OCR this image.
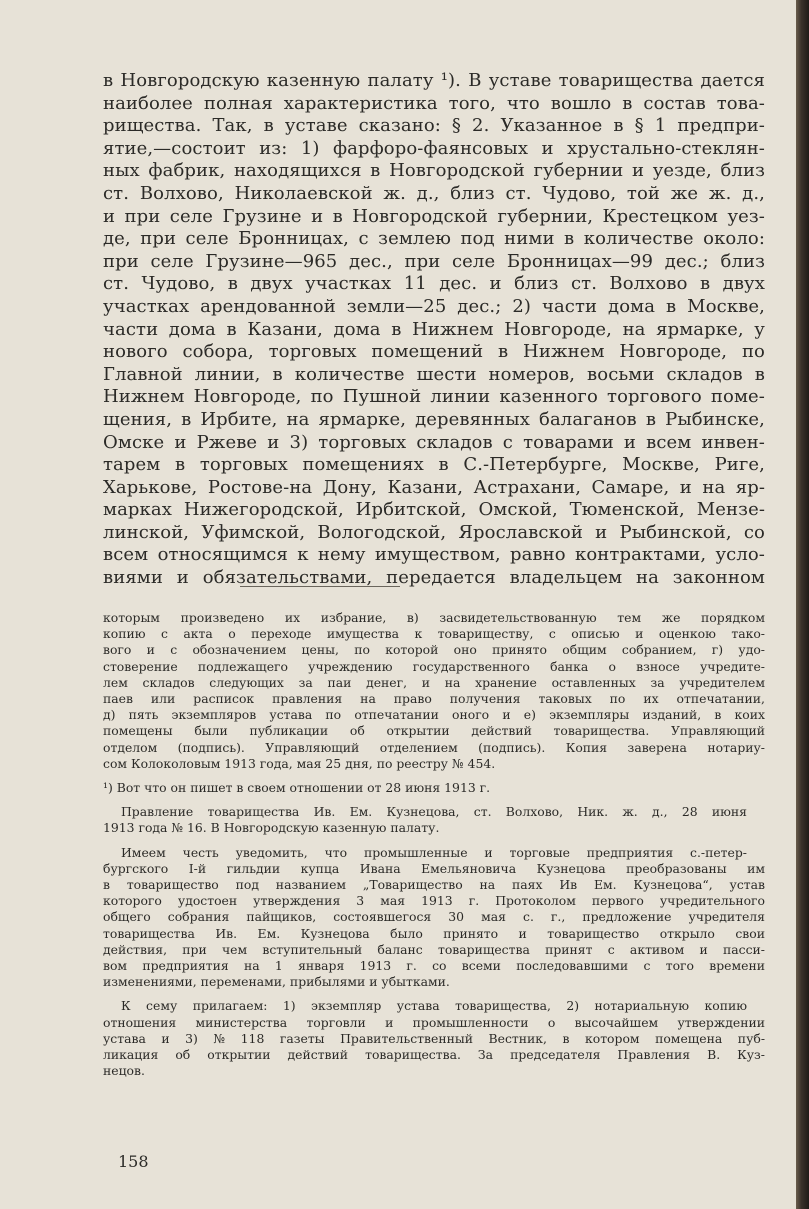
в Новгородскую казенную палату ¹). В уставе товарищества дается
наиболее полная характеристика того, что вошло в состав това-
рищества. Так, в уставе сказано: § 2. Указанное в § 1 предпри-
ятие,—состоит из: 1) фарфоро-фаянсовых и хрустально-стеклян-
ных фабрик, находящихся в Новгородской губернии и уезде, близ
ст. Волхово, Николаевской ж. д., близ ст. Чудово, той же ж. д.,
и при селе Грузине и в Новгородской губернии, Крестецком уез-
де, при селе Бронницах, с землею под ними в количестве около:
при селе Грузине—965 дес., при селе Бронницах—99 дес.; близ
ст. Чудово, в двух участках 11 дес. и близ ст. Волхово в двух
участках арендованной земли—25 дес.; 2) части дома в Москве,
части дома в Казани, дома в Нижнем Новгороде, на ярмарке, у
нового собора, торговых помещений в Нижнем Новгороде, по
Главной линии, в количестве шести номеров, восьми складов в
Нижнем Новгороде, по Пушной линии казенного торгового поме-
щения, в Ирбите, на ярмарке, деревянных балаганов в Рыбинске,
Омске и Ржеве и 3) торговых складов с товарами и всем инвен-
тарем в торговых помещениях в С.-Петербурге, Москве, Риге,
Харькове, Ростове-на Дону, Казани, Астрахани, Самаре, и на яр-
марках Нижегородской, Ирбитской, Омской, Тюменской, Мензе-
линской, Уфимской, Вологодской, Ярославской и Рыбинской, со
всем относящимся к нему имуществом, равно контрактами, усло-
виями и обязательствами, передается владельцем на законном
которым произведено их избрание, в) засвидетельствованную тем же порядком
копию с акта о переходе имущества к товариществу, с описью и оценкою тако-
вого и с обозначением цены, по которой оно принято общим собранием, г) удо-
стоверение подлежащего учреждению государственного банка о взносе учредите-
лем складов следующих за паи денег, и на хранение оставленных за учредителем
паев или расписок правления на право получения таковых по их отпечатании,
д) пять экземпляров устава по отпечатании оного и е) экземпляры изданий, в коих
помещены были публикации об открытии действий товарищества. Управляющий
отделом (подпись). Управляющий отделением (подпись). Копия заверена нотариу-
сом Колоколовым 1913 года, мая 25 дня, по реестру № 454.
¹) Вот что он пишет в своем отношении от 28 июня 1913 г.
Правление товарищества Ив. Ем. Кузнецова, ст. Волхово, Ник. ж. д., 28 июня
1913 года № 16. В Новгородскую казенную палату.
Имеем честь уведомить, что промышленные и торговые предприятия с.-петер-
бургского I-й гильдии купца Ивана Емельяновича Кузнецова преобразованы им
в товарищество под названием „Товарищество на паях Ив Ем. Кузнецова“, устав
которого удостоен утверждения 3 мая 1913 г. Протоколом первого учредительного
общего собрания пайщиков, состоявшегося 30 мая с. г., предложение учредителя
товарищества Ив. Ем. Кузнецова было принято и товарищество открыло свои
действия, при чем вступительный баланс товарищества принят с активом и пасси-
вом предприятия на 1 января 1913 г. со всеми последовавшими с того времени
изменениями, переменами, прибылями и убытками.
К сему прилагаем: 1) экземпляр устава товарищества, 2) нотариальную копию
отношения министерства торговли и промышленности о высочайшем утверждении
устава и 3) № 118 газеты Правительственный Вестник, в котором помещена пуб-
ликация об открытии действий товарищества. За председателя Правления В. Куз-
нецов.
158
